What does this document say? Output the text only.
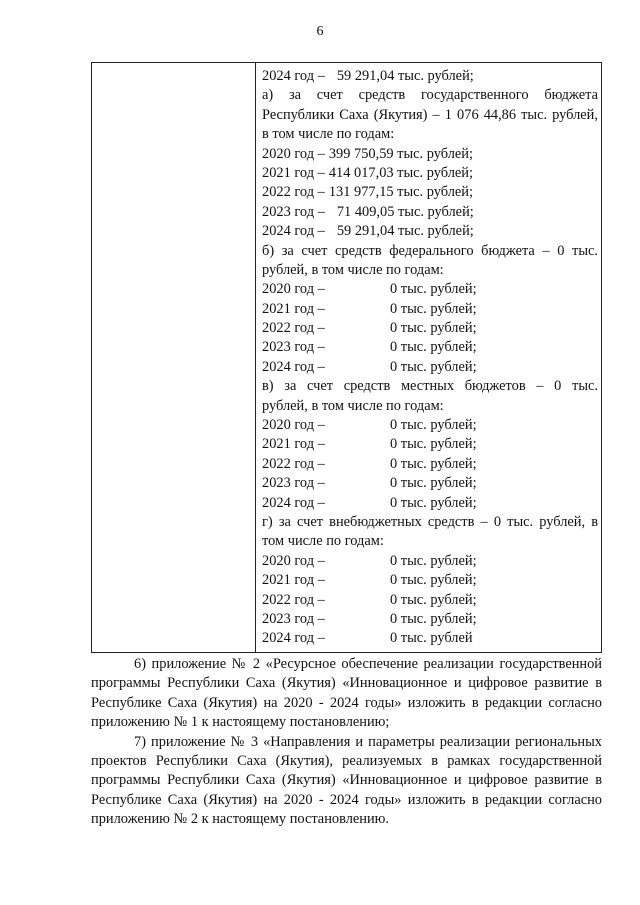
6
2024 год – 59 291,04 тыс. рублей;
а) за счет средств государственного бюджета
Республики Саха (Якутия) – 1 076 44,86 тыс. рублей,
в том числе по годам:
2020 год – 399 750,59 тыс. рублей;
2021 год – 414 017,03 тыс. рублей;
2022 год – 131 977,15 тыс. рублей;
2023 год – 71 409,05 тыс. рублей;
2024 год – 59 291,04 тыс. рублей;
б) за счет средств федерального бюджета – 0 тыс.
рублей, в том числе по годам:
2020 год –	0 тыс. рублей;
2021 год –	0 тыс. рублей;
2022 год –	0 тыс. рублей;
2023 год –	0 тыс. рублей;
2024 год –	0 тыс. рублей;
в) за счет средств местных бюджетов – 0 тыс.
рублей, в том числе по годам:
2020 год –	0 тыс. рублей;
2021 год –	0 тыс. рублей;
2022 год –	0 тыс. рублей;
2023 год –	0 тыс. рублей;
2024 год –	0 тыс. рублей;
г) за счет внебюджетных средств – 0 тыс. рублей, в
том числе по годам:
2020 год –	0 тыс. рублей;
2021 год –	0 тыс. рублей;
2022 год –	0 тыс. рублей;
2023 год –	0 тыс. рублей;
2024 год –	0 тыс. рублей

6) приложение № 2 «Ресурсное обеспечение реализации государственной программы Республики Саха (Якутия) «Инновационное и цифровое развитие в Республике Саха (Якутия) на 2020 - 2024 годы» изложить в редакции согласно приложению № 1 к настоящему постановлению;

7) приложение № 3 «Направления и параметры реализации региональных проектов Республики Саха (Якутия), реализуемых в рамках государственной программы Республики Саха (Якутия) «Инновационное и цифровое развитие в Республике Саха (Якутия) на 2020 - 2024 годы» изложить в редакции согласно приложению № 2 к настоящему постановлению.
